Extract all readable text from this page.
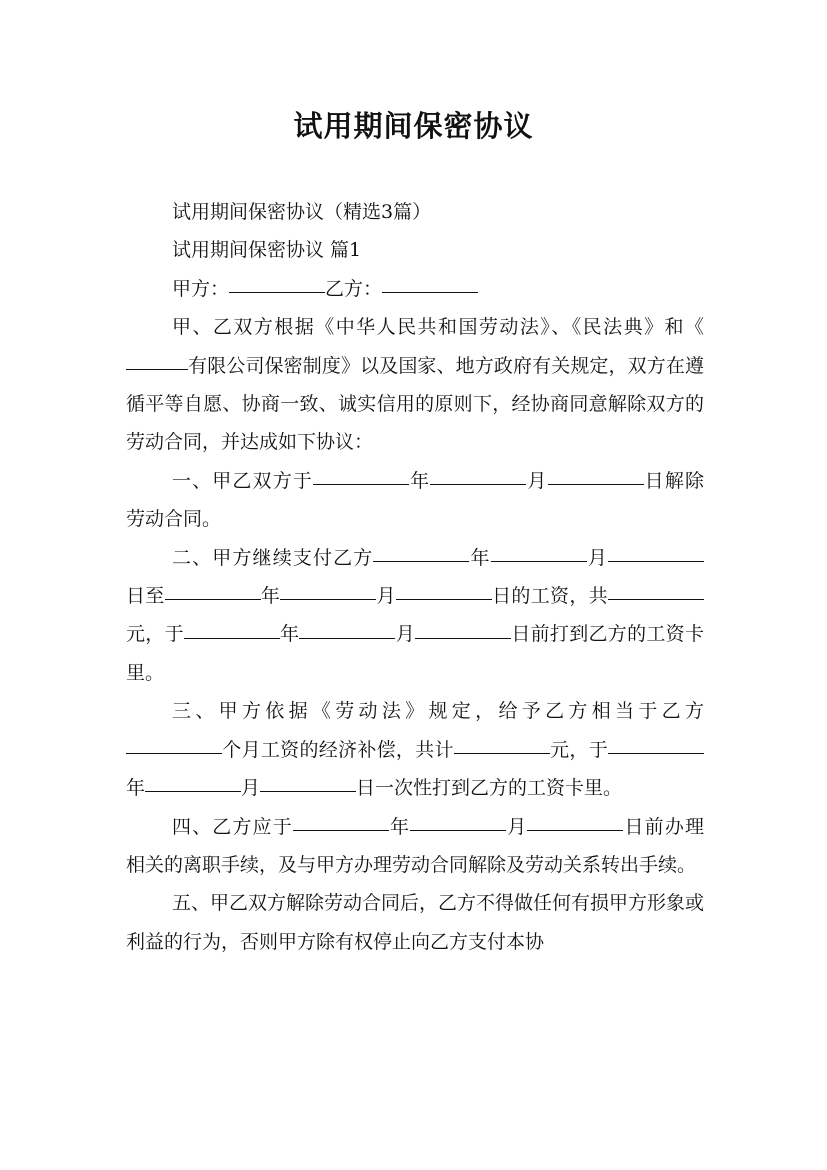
试用期间保密协议

试用期间保密协议（精选3篇）

试用期间保密协议 篇1

甲方：	乙方：

甲、乙双方根据《中华人民共和国劳动法》、《民法典》和《有限公司保密制度》以及国家、地方政府有关规定，双方在遵循平等自愿、协商一致、诚实信用的原则下，经协商同意解除双方的劳动合同，并达成如下协议：

一、甲乙双方于	年	月	日解除劳动合同。

二、甲方继续支付乙方	年	月日至	年	月	日的工资，共元，于	年	月	日前打到乙方的工资卡里。

三、甲方依据《劳动法》规定，给予乙方相当于乙方个月工资的经济补偿，共计	元，于年	月	日一次性打到乙方的工资卡里。

四、乙方应于	年	月	日前办理相关的离职手续，及与甲方办理劳动合同解除及劳动关系转出手续。

五、甲乙双方解除劳动合同后，乙方不得做任何有损甲方形象或利益的行为，否则甲方除有权停止向乙方支付本协
